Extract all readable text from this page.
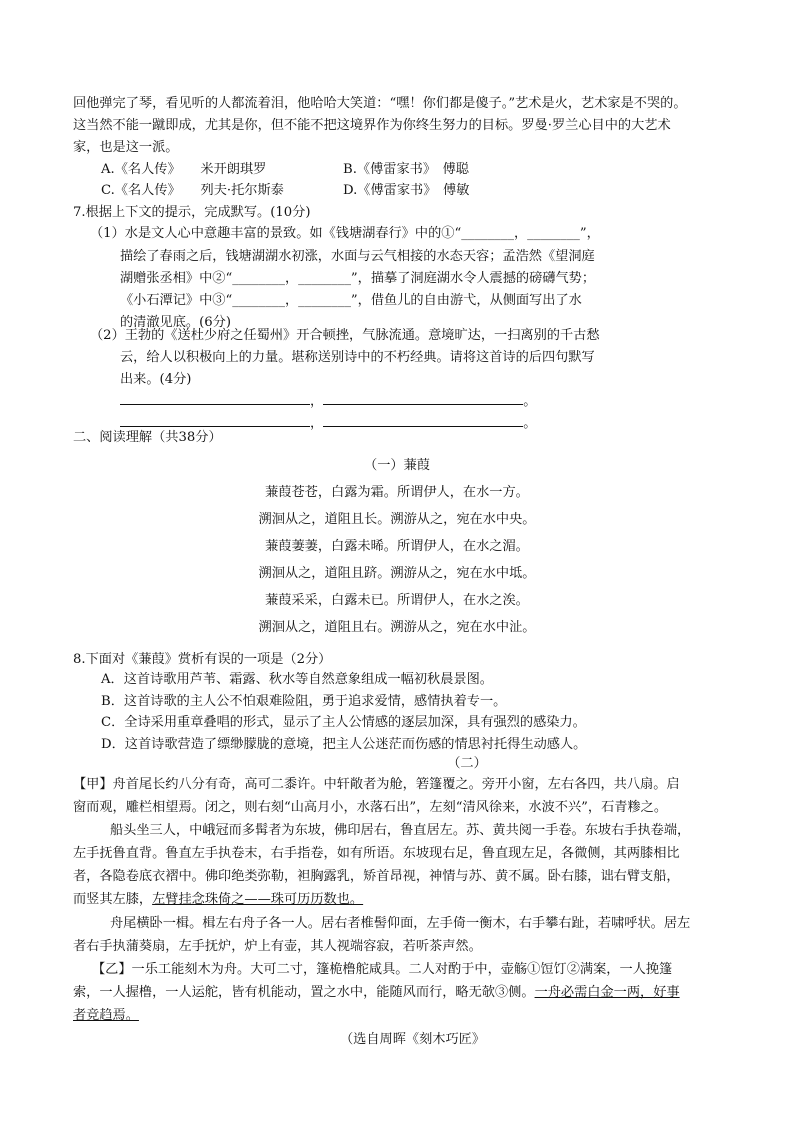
回他弹完了琴，看见听的人都流着泪，他哈哈大笑道：“嘿！你们都是傻子。”艺术是火，艺术家是不哭的。
这当然不能一蹴即成，尤其是你，但不能不把这境界作为你终生努力的目标。罗曼·罗兰心目中的大艺术
家，也是这一派。
A.《名人传》　　米开朗琪罗	B.《傅雷家书》　傅聪
C.《名人传》　　列夫·托尔斯泰	D.《傅雷家书》　傅敏
7.根据上下文的提示，完成默写。(10分)
（1）水是文人心中意趣丰富的景致。如《钱塘湖春行》中的①“________，________”，
描绘了春雨之后，钱塘湖湖水初涨，水面与云气相接的水态天容；孟浩然《望洞庭
湖赠张丞相》中②“________，________”，描摹了洞庭湖水令人震撼的磅礴气势；
《小石潭记》中③“________，________”，借鱼儿的自由游弋，从侧面写出了水
的清澈见底。(6分)
（2）王勃的《送杜少府之任蜀州》开合顿挫，气脉流通。意境旷达，一扫离别的千古愁
云，给人以积极向上的力量。堪称送别诗中的不朽经典。请将这首诗的后四句默写
出来。(4分)
，	。
，	。
二、阅读理解（共38分）
（一）蒹葭
蒹葭苍苍，白露为霜。所谓伊人，在水一方。
溯洄从之，道阻且长。溯游从之，宛在水中央。
蒹葭萋萋，白露未晞。所谓伊人，在水之湄。
溯洄从之，道阻且跻。溯游从之，宛在水中坻。
蒹葭采采，白露未已。所谓伊人，在水之涘。
溯洄从之，道阻且右。溯游从之，宛在水中沚。
8.下面对《蒹葭》赏析有误的一项是（2分）
A．这首诗歌用芦苇、霜露、秋水等自然意象组成一幅初秋晨景图。
B．这首诗歌的主人公不怕艰难险阻，勇于追求爱情，感情执着专一。
C．全诗采用重章叠唱的形式，显示了主人公情感的逐层加深，具有强烈的感染力。
D．这首诗歌营造了缥缈朦胧的意境，把主人公迷茫而伤感的情思衬托得生动感人。
（二）
【甲】舟首尾长约八分有奇，高可二黍许。中轩敞者为舱，箬篷覆之。旁开小窗，左右各四，共八扇。启
窗而观，雕栏相望焉。闭之，则右刻“山高月小，水落石出”，左刻“清风徐来，水波不兴”，石青糁之。
船头坐三人，中峨冠而多髯者为东坡，佛印居右，鲁直居左。苏、黄共阅一手卷。东坡右手执卷端，
左手抚鲁直背。鲁直左手执卷末，右手指卷，如有所语。东坡现右足，鲁直现左足，各微侧，其两膝相比
者，各隐卷底衣褶中。佛印绝类弥勒，袒胸露乳，矫首昂视，神情与苏、黄不属。卧右膝，诎右臂支船，
而竖其左膝，左臂挂念珠倚之——珠可历历数也。
舟尾横卧一楫。楫左右舟子各一人。居右者椎髻仰面，左手倚一衡木，右手攀右趾，若啸呼状。居左
者右手执蒲葵扇，左手抚炉，炉上有壶，其人视端容寂，若听茶声然。
【乙】一乐工能刻木为舟。大可二寸，篷桅橹舵咸具。二人对酌于中，壶觞①饾饤②满案，一人挽篷
索，一人握橹，一人运舵，皆有机能动，置之水中，能随风而行，略无欹③侧。一舟必需白金一两，好事
者竞趋焉。
（选自周晖《刻木巧匠》
